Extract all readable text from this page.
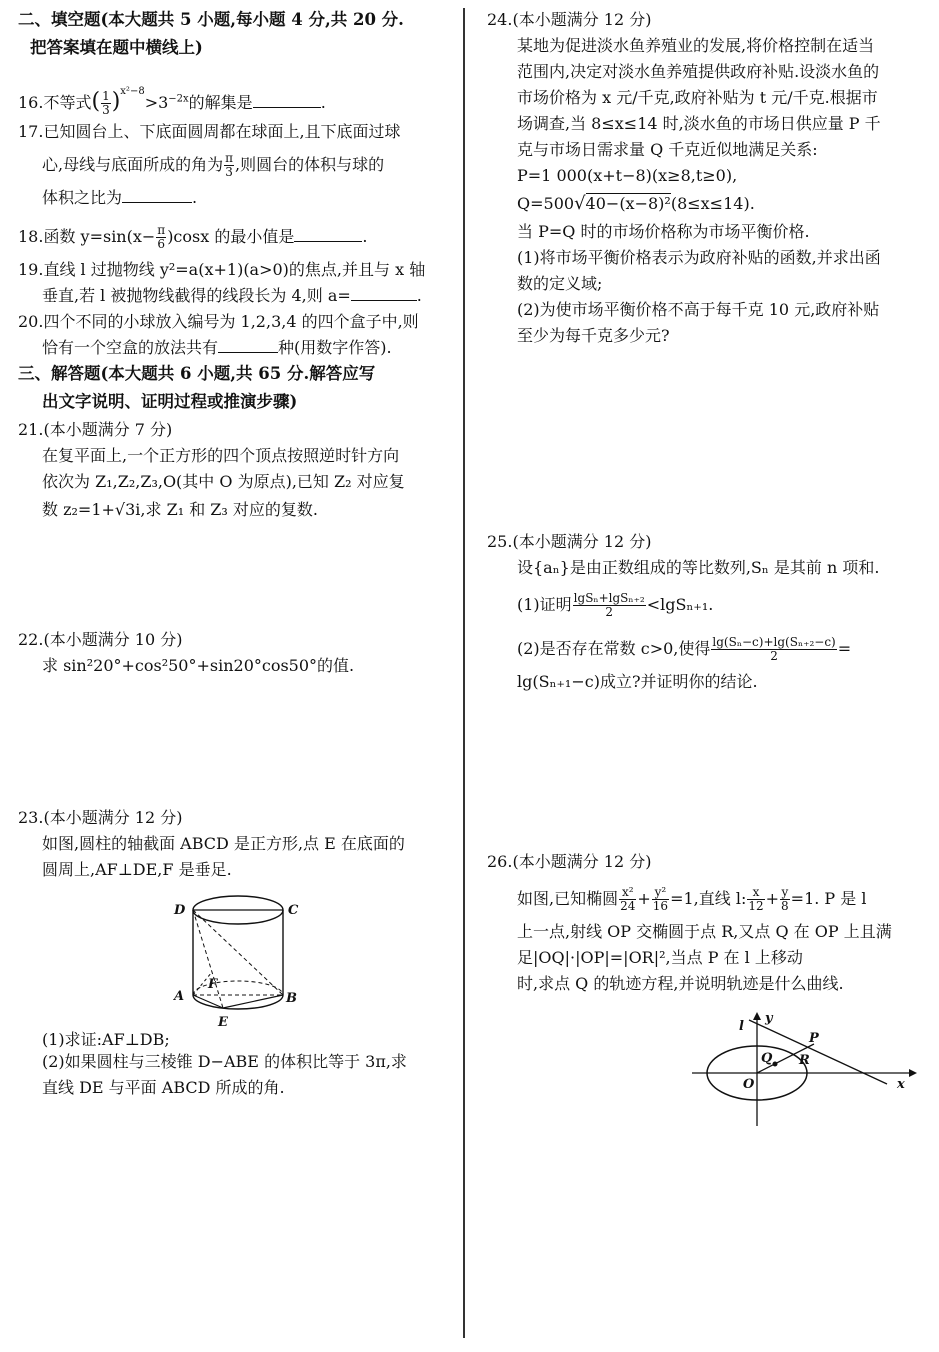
二、填空题(本大题共 5 小题,每小题 4 分,共 20 分.
把答案填在题中横线上)
16.不等式( $\frac{1}{3} )^{x^2-8}>3^{-2x}$的解集是	.
17.已知圆台上、下底面圆周都在球面上,且下底面过球
心,母线与底面所成的角为 $\frac{\pi}{3}$ ,则圆台的体积与球的
体积之比为	.
18.函数 $y=\sin(x- \frac{\pi}{6} )\cos x$ 的最小值是	.
19.直线 l 过抛物线 y²=a(x+1)(a>0)的焦点,并且与 x 轴
垂直,若 l 被抛物线截得的线段长为 4,则 a=	.
20.四个不同的小球放入编号为 1,2,3,4 的四个盒子中,则
恰有一个空盒的放法共有	种(用数字作答).
三、解答题(本大题共 6 小题,共 65 分.解答应写
出文字说明、证明过程或推演步骤)
21.(本小题满分 7 分)
在复平面上,一个正方形的四个顶点按照逆时针方向
依次为 Z₁,Z₂,Z₃,O(其中 O 为原点),已知 Z₂ 对应复
数 z₂=1+√3i,求 Z₁ 和 Z₃ 对应的复数.
22.(本小题满分 10 分)
求 sin²20°+cos²50°+sin20°cos50°的值.
23.(本小题满分 12 分)
如图,圆柱的轴截面 ABCD 是正方形,点 E 在底面的
圆周上,AF⊥DE,F 是垂足.
D	C
A	B
E
F
(1)求证:AF⊥DB;
(2)如果圆柱与三棱锥 D−ABE 的体积比等于 3π,求
直线 DE 与平面 ABCD 所成的角.
24.(本小题满分 12 分)
某地为促进淡水鱼养殖业的发展,将价格控制在适当
范围内,决定对淡水鱼养殖提供政府补贴.设淡水鱼的
市场价格为 x 元/千克,政府补贴为 t 元/千克.根据市
场调查,当 8≤x≤14 时,淡水鱼的市场日供应量 P 千
克与市场日需求量 Q 千克近似地满足关系:
P=1 000(x+t−8)(x≥8,t≥0),
Q=500√40−(x−8)²(8≤x≤14).
当 P=Q 时的市场价格称为市场平衡价格.
(1)将市场平衡价格表示为政府补贴的函数,并求出函
数的定义域;
(2)为使市场平衡价格不高于每千克 10 元,政府补贴
至少为每千克多少元?
25.(本小题满分 12 分)
设{aₙ}是由正数组成的等比数列,Sₙ 是其前 n 项和.
(1)证明 $\frac{\text{lgSₙ+lgSₙ₊₂}}{2} <\lg S_{n+1}$.
(2)是否存在常数 c>0,使得 $\frac{\text{lg(Sₙ−c)+lg(Sₙ₊₂−c)}}{2}$ =
lg(Sₙ₊₁−c)成立?并证明你的结论.
26.(本小题满分 12 分)
如图,已知椭圆 $\frac{\text{x²}}{24} + \frac{\text{y²}}{16} =1$,直线 l: $\frac{x}{12} + \frac{y}{8} =1$. P 是 l
上一点,射线 OP 交椭圆于点 R,又点 Q 在 OP 上且满
足|OQ|·|OP|=|OR|²,当点 P 在 l 上移动
时,求点 Q 的轨迹方程,并说明轨迹是什么曲线.
l
y
P
Q R
O	x
